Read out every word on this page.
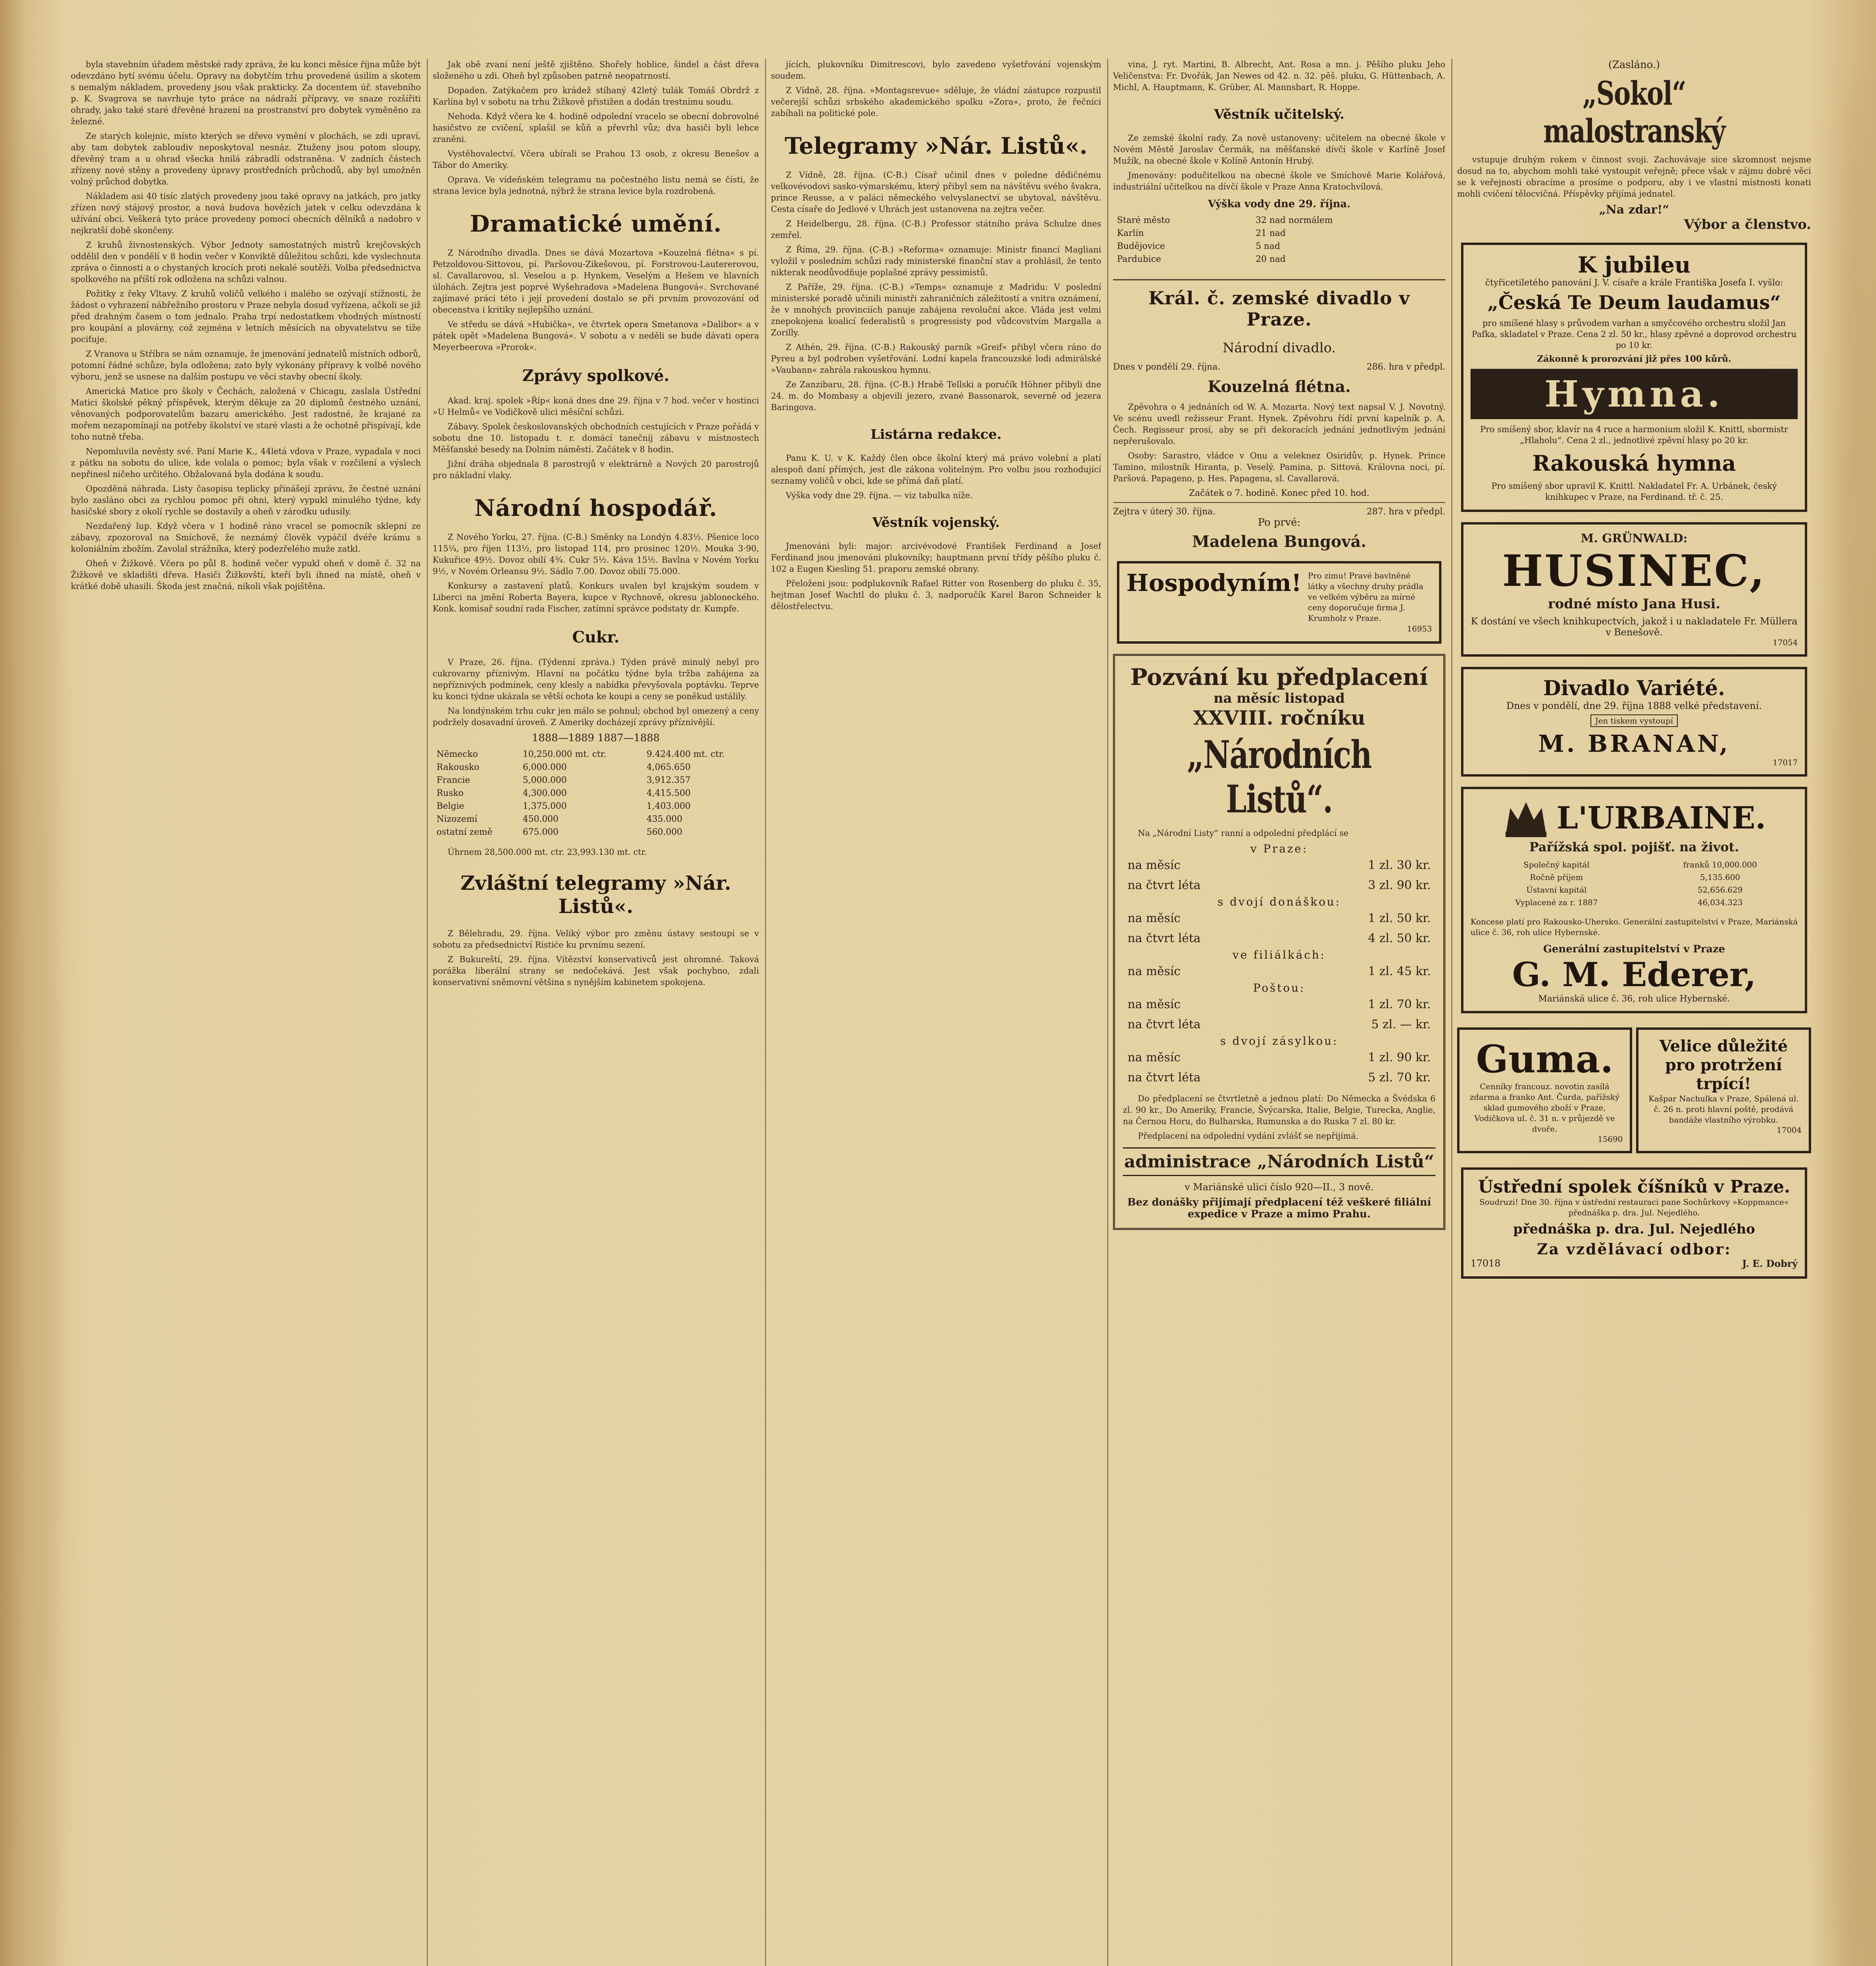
byla stavebním úřadem městské rady zpráva, že ku konci měsíce října může být odevzdáno bytí svému účelu. Opravy na dobytčím trhu provedené úsilím a skotem s nemalým nákladem, provedeny jsou však prakticky. Za docentem úř. stavebního p. K. Svagrova se navrhuje tyto práce na nádraží přípravy, ve snaze rozšířiti ohrady, jako také staré dřevěné hrazení na prostranství pro dobytek vyměněno za železné.

Ze starých kolejnic, místo kterých se dřevo vymění v plochách, se zdi upraví, aby tam dobytek zabloudiv neposkytoval nesnáz. Ztuženy jsou potom sloupy, dřevěný tram a u ohrad všecka hnilá zábradlí odstraněna. V zadních částech zřízeny nové stěny a provedeny úpravy prostředních průchodů, aby byl umožněn volný průchod dobytka.

Nákladem asi 40 tisíc zlatých provedeny jsou také opravy na jatkách, pro jatky zřízen nový stájový prostor, a nová budova hovězích jatek v celku odevzdána k užívání obci. Veškerá tyto práce provedeny pomocí obecních dělníků a nadobro v nejkratší době skončeny.

Z kruhů živnostenských. Výbor Jednoty samostatných mistrů krejčovských oddělil den v pondělí v 8 hodin večer v Konviktě důležitou schůzi, kde vyslechnuta zpráva o činnosti a o chystaných krocích proti nekalé soutěži. Volba předsednictva spolkového na příští rok odložena na schůzi valnou.

Požitky z řeky Vltavy. Z kruhů voličů velkého i malého se ozývají stížnosti, že žádost o vyhrazení nábřežního prostoru v Praze nebyla dosud vyřízena, ačkoli se již před drahným časem o tom jednalo. Praha trpí nedostatkem vhodných místností pro koupání a plovárny, což zejména v letních měsících na obyvatelstvu se tíže pociťuje.

Z Vranova u Stříbra se nám oznamuje, že jmenování jednatelů místních odborů, potomní řádné schůze, byla odložena; zato byly vykonány přípravy k volbě nového výboru, jenž se usnese na dalším postupu ve věci stavby obecní školy.

Americká Matice pro školy v Čechách, založená v Chicagu, zaslala Ústřední Matici školské pěkný příspěvek, kterým děkuje za 20 diplomů čestného uznání, věnovaných podporovatelům bazaru amerického. Jest radostné, že krajané za mořem nezapomínají na potřeby školství ve staré vlasti a že ochotně přispívají, kde toho nutně třeba.

Nepomluvila nevěsty své. Paní Marie K., 44letá vdova v Praze, vypadala v noci z pátku na sobotu do ulice, kde volala o pomoc; byla však v rozčilení a výslech nepřinesl ničeho určitého. Obžalovaná byla dodána k soudu.

Opozděná náhrada. Listy časopisu teplicky přinášejí zprávu, že čestné uznání bylo zasláno obci za rychlou pomoc při ohni, který vypukl minulého týdne, kdy hasičské sbory z okolí rychle se dostavily a oheň v zárodku udusily.

Nezdařený lup. Když včera v 1 hodině ráno vracel se pomocník sklepní ze zábavy, zpozoroval na Smíchově, že neznámý člověk vypáčil dvéře krámu s koloniálním zbožím. Zavolal strážníka, který podezřelého muže zatkl.

Oheň v Žižkově. Včera po půl 8. hodině večer vypukl oheň v domě č. 32 na Žižkově ve skladišti dřeva. Hasiči Žižkovští, kteří byli ihned na místě, oheň v krátké době uhasili. Škoda jest značná, nikoli však pojištěna.

Jak obě zvaní není ještě zjištěno. Shořely hoblice, šindel a část dřeva složeného u zdi. Oheň byl způsoben patrně neopatrností.

Dopaden. Zatýkačem pro krádež stíhaný 42letý tulák Tomáš Obrdrž z Karlína byl v sobotu na trhu Žižkově přistižen a dodán trestnímu soudu.

Nehoda. Když včera ke 4. hodině odpolední vracelo se obecní dobrovolné hasičstvo ze cvičení, splašil se kůň a převrhl vůz; dva hasiči byli lehce zraněni.

Vystěhovalectví. Včera ubírali se Prahou 13 osob, z okresu Benešov a Tábor do Ameriky.

Oprava. Ve vídeňském telegramu na počestného listu nemá se čísti, že strana levice byla jednotná, nýbrž že strana levice byla rozdrobená.

Dramatické umění.

Z Národního divadla. Dnes se dává Mozartova »Kouzelná flétna« s pí. Petzoldovou-Sittovou, pí. Paršovou-Zikešovou, pí. Forstrovou-Lautererovou, sl. Cavallarovou, sl. Veselou a p. Hynkem, Veselým a Hešem ve hlavních úlohách. Zejtra jest poprvé Wyšehradova »Madelena Bungová«. Svrchované zajímavé práci této i její provedení dostalo se při prvním provozování od obecenstva i kritiky nejlepšího uznání.

Ve středu se dává »Hubička«, ve čtvrtek opera Smetanova »Dalibor« a v pátek opět »Madelena Bungová«. V sobotu a v neděli se bude dávati opera Meyerbeerova »Prorok«.

Zprávy spolkové.

Akad. kraj. spolek »Říp« koná dnes dne 29. října v 7 hod. večer v hostinci »U Helmů« ve Vodičkově ulici měsíční schůzi.

Zábavy. Spolek českoslovanských obchodních cestujících v Praze pořádá v sobotu dne 10. listopadu t. r. domácí tanečníj zábavu v místnostech Měšťanské besedy na Dolním náměstí. Začátek v 8 hodin.

Jižní dráha objednala 8 parostrojů v elektrárně a Nových 20 parostrojů pro nákladní vlaky.

Národní hospodář.

Z Nového Yorku, 27. října. (C-B.) Směnky na Londýn 4.83½. Pšenice loco 115¼, pro říjen 113½, pro listopad 114, pro prosinec 120½. Mouka 3·90, Kukuřice 49½. Dovoz obilí 4¾. Cukr 5½. Káva 15½. Bavlna v Novém Yorku 9½, v Novém Orleansu 9½. Sádlo 7.00. Dovoz obilí 75.000.

Konkursy a zastavení platů. Konkurs uvalen byl krajským soudem v Liberci na jmění Roberta Bayera, kupce v Rychnově, okresu jabloneckého. Konk. komisař soudní rada Fischer, zatímní správce podstaty dr. Kumpfe.

Cukr.

V Praze, 26. října. (Týdenní zpráva.) Týden právě minulý nebyl pro cukrovarny příznivým. Hlavní na počátku týdne byla tržba zahájena za nepříznivých podmínek, ceny klesly a nabídka převyšovala poptávku. Teprve ku konci týdne ukázala se větší ochota ke koupi a ceny se poněkud ustálily.

Na londýnském trhu cukr jen málo se pohnul; obchod byl omezený a ceny podržely dosavadní úroveň. Z Ameriky docházejí zprávy příznivější.

1888—1889 1887—1888
Německo	10,250.000 mt. ctr.	9.424.400 mt. ctr.
Rakousko	6,000.000	4,065.650
Francie	5,000.000	3,912.357
Rusko	4,300.000	4,415.500
Belgie	1,375.000	1,403.000
Nizozemí	450.000	435.000
ostatní země	675.000	560.000

Úhrnem 28,500.000 mt. ctr. 23,993.130 mt. ctr.

Zvláštní telegramy »Nár. Listů«.

Z Bělehradu, 29. října. Veliký výbor pro změnu ústavy sestoupí se v sobotu za předsednictví Ristiće ku prvnímu sezení.

Z Bukureští, 29. října. Vítězství konservativců jest ohromné. Taková porážka liberální strany se nedočekává. Jest však pochybno, zdali konservativní sněmovní většina s nynějším kabinetem spokojena.

jících, plukovníku Dimitrescovi, bylo zavedeno vyšetřování vojenským soudem.

Z Vídně, 28. října. »Montagsrevue« sděluje, že vládní zástupce rozpustil večerejší schůzi srbského akademického spolku »Zora«, proto, že řečníci zabíhali na politické pole.

Telegramy »Nár. Listů«.

Z Vídně, 28. října. (C-B.) Císař učinil dnes v poledne dědičnému velkovévodovi sasko-výmarskému, který přibyl sem na návštěvu svého švakra, prince Reusse, a v paláci německého velvyslanectví se ubytoval, návštěvu. Cesta císaře do Jedlové v Uhrách jest ustanovena na zejtra večer.

Z Heidelbergu, 28. října. (C-B.) Professor státního práva Schulze dnes zemřel.

Z Říma, 29. října. (C-B.) »Reforma« oznamuje: Ministr financí Magliani vyložil v posledním schůzi rady ministerské finanční stav a prohlásil, že tento nikterak neodůvodňuje poplašné zprávy pessimistů.

Z Paříže, 29. října. (C-B.) »Temps« oznamuje z Madridu: V poslední ministerské poradě učinili ministři zahraničních záležitostí a vnitra oznámení, že v mnohých provinciích panuje zahájena revoluční akce. Vláda jest velmi znepokojena koalicí federalistů s progressisty pod vůdcovstvím Margalla a Zorilly.

Z Athén, 29. října. (C-B.) Rakouský parník »Greif« přibyl včera ráno do Pyreu a byl podroben vyšetřování. Lodní kapela francouzské lodi admirálské »Vaubann« zahrála rakouskou hymnu.

Ze Zanzibaru, 28. října. (C-B.) Hrabě Tellski a poručík Höhner přibyli dne 24. m. do Mombasy a objevili jezero, zvané Bassonarok, severně od jezera Baringova.

Listárna redakce.

Panu K. U. v K. Každý člen obce školní který má právo volební a platí alespoň daní přímých, jest dle zákona volitelným. Pro volbu jsou rozhodující seznamy voličů v obci, kde se přímá daň platí.

Výška vody dne 29. října. — viz tabulka níže.

Věstník vojenský.

Jmenováni byli: major: arcivévodové František Ferdinand a Josef Ferdinand jsou jmenováni plukovníky; hauptmann první třídy pěšího pluku č. 102 a Eugen Kiesling 51. praporu zemské obrany.

Přeloženi jsou: podplukovník Rafael Ritter von Rosenberg do pluku č. 35, hejtman Josef Wachtl do pluku č. 3, nadporučík Karel Baron Schneider k dělostřelectvu.

vina, J. ryt. Martini, B. Albrecht, Ant. Rosa a mn. j. Pěšího pluku Jeho Veličenstva: Fr. Dvořák, Jan Newes od 42. n. 32. pěš. pluku, G. Hüttenbach, A. Michl, A. Hauptmann, K. Grüber, Al. Mannsbart, R. Hoppe.

Věstník učitelský.

Ze zemské školní rady. Za nově ustanoveny: učitelem na obecné škole v Novém Městě Jaroslav Čermák, na měšťanské dívčí škole v Karlíně Josef Mužík, na obecné škole v Kolíně Antonín Hrubý.

Jmenovány: podučitelkou na obecné škole ve Smíchově Marie Kolářová, industriální učitelkou na dívčí škole v Praze Anna Kratochvílová.

Výška vody dne 29. října.
Staré město	32 nad normálem
Karlín	21 nad
Budějovice	5 nad
Pardubice	20 nad
Král. č. zemské divadlo v Praze.
Národní divadlo.
Dnes v pondělí 29. října.	286. hra v předpl.
Kouzelná flétna.

Zpěvohra o 4 jednáních od W. A. Mozarta. Nový text napsal V. J. Novotný. Ve scénu uvedl režisseur Frant. Hynek. Zpěvohru řídí první kapelník p. A. Čech. Regisseur prosí, aby se při dekoracích jednání jednotlivým jednání nepřerušovalo.

Osoby: Sarastro, vládce v Onu a veleknez Osiridův, p. Hynek. Prince Tamino, milostník Hiranta, p. Veselý. Pamina, p. Sittová. Královna noci, pí. Paršová. Papageno, p. Hes. Papagena, sl. Cavallarová.

Začátek o 7. hodině. Konec před 10. hod.
Zejtra v úterý 30. října.	287. hra v předpl.
Po prvé:
Madelena Bungová.
Hospodyním! Pro zimu! Pravé bavlněné látky a všechny druhy prádla ve velkém výběru za mírné ceny doporučuje firma J. Krumholz v Praze.
16953
Pozvání ku předplacení
na měsíc listopad
XXVIII. ročníku
„Národních Listů“.

Na „Národní Listy“ ranní a odpolední předplácí se

v Praze:
na měsíc	1 zl. 30 kr.
na čtvrt léta	3 zl. 90 kr.
s dvojí donáškou:
na měsíc	1 zl. 50 kr.
na čtvrt léta	4 zl. 50 kr.
ve filiálkách:
na měsíc	1 zl. 45 kr.
Poštou:
na měsíc	1 zl. 70 kr.
na čtvrt léta	5 zl. — kr.
s dvojí zásylkou:
na měsíc	1 zl. 90 kr.
na čtvrt léta	5 zl. 70 kr.

Do předplacení se čtvrtletně a jednou platí: Do Německa a Švédska 6 zl. 90 kr., Do Ameriky, Francie, Švýcarska, Italie, Belgie, Turecka, Anglie, na Černou Horu, do Bulharska, Rumunska a do Ruska 7 zl. 80 kr.

Předplacení na odpolední vydání zvlášť se nepřijímá.

administrace „Národních Listů“
v Mariánské ulici číslo 920—II., 3 nově.
Bez donášky přijímají předplacení též veškeré filiální expedice v Praze a mimo Prahu.
(Zasláno.)
„Sokol“ malostranský

vstupuje druhým rokem v činnost svoji. Zachovávaje sice skromnost nejsme dosud na to, abychom mohli také vystoupit veřejně; přece však v zájmu dobré věci se k veřejnosti obracíme a prosíme o podporu, aby i ve vlastní místnosti konati mohli cvičení tělocvičná. Příspěvky přijímá jednatel.

„Na zdar!“
Výbor a členstvo.
K jubileu
čtyřicetiletého panování J. V. císaře a krále Františka Josefa I. vyšlo:
„Česká Te Deum laudamus“
pro smíšené hlasy s průvodem varhan a smyčcového orchestru složil Jan Pafka, skladatel v Praze. Cena 2 zl. 50 kr., hlasy zpěvné a doprovod orchestru po 10 kr.
Zákonně k prorozvání již přes 100 kůrů.
Hymna.
Pro smíšený sbor, klavír na 4 ruce a harmonium složil K. Knittl, sbormistr „Hlaholu“. Cena 2 zl., jednotlivé zpěvní hlasy po 20 kr.
Rakouská hymna
Pro smíšený sbor upravil K. Knittl. Nakladatel Fr. A. Urbánek, český knihkupec v Praze, na Ferdinand. tř. č. 25.
M. GRÜNWALD:
HUSINEC,
rodné místo Jana Husi.
K dostání ve všech knihkupectvích, jakož i u nakladatele Fr. Müllera v Benešově.
17054
Divadlo Variété.
Dnes v pondělí, dne 29. října 1888 velké představení.
Jen tiskem vystoupí
M. BRANAN,
17017
L'URBAINE.
Pařížská spol. pojišť. na život.
Společný kapitál	franků 10,000.000
Ročně příjem	5,135.600
Ústavní kapitál	52,656.629
Vyplacené za r. 1887	46,034.323
Koncese platí pro Rakousko-Uhersko. Generální zastupitelství v Praze, Mariánská ulice č. 36, roh ulice Hybernské.
Generální zastupitelství v Praze
G. M. Ederer,
Mariánská ulice č. 36, roh ulice Hybernské.
Guma.
Cenníky francouz. novotin zasílá zdarma a franko Ant. Čurda, pařížský sklad gumového zboží v Praze, Vodičkova ul. č. 31 n. v průjezdě ve dvoře.
15690
Velice důležité pro protržení trpící!
Kašpar Nachulka v Praze, Spálená ul. č. 26 n. proti hlavní poště, prodává bandáže vlastního výrobku.
17004
Ústřední spolek číšníků v Praze.
Soudruzi! Dne 30. října v ústřední restauraci pane Sochůrkovy »Koppmance« přednáška p. dra. Jul. Nejedlého.
přednáška p. dra. Jul. Nejedlého
Za vzdělávací odbor:
17018	J. E. Dobrý
